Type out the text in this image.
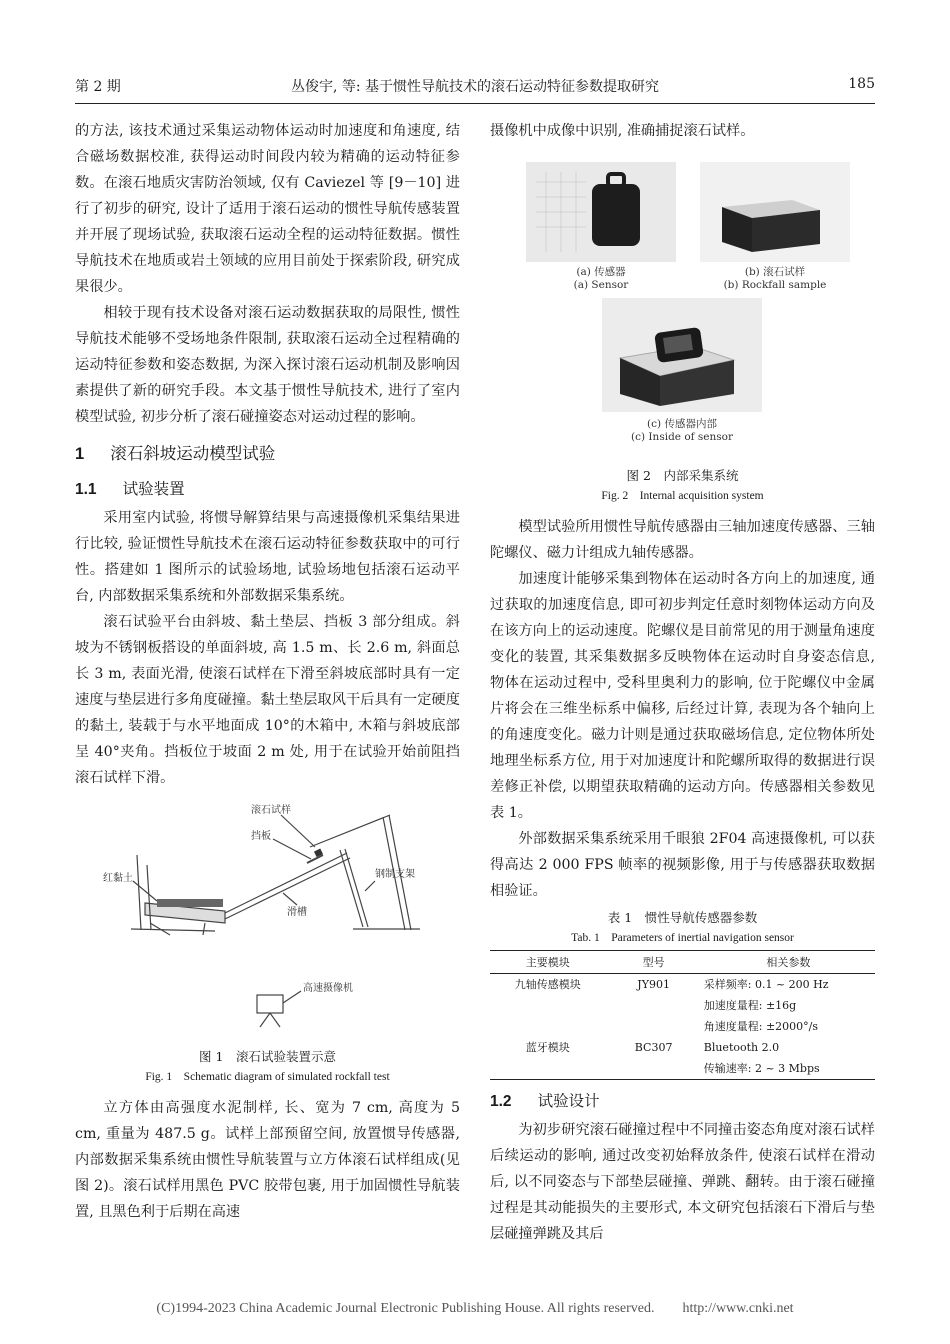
第 2 期	丛俊宇, 等: 基于惯性导航技术的滚石运动特征参数提取研究	185

的方法, 该技术通过采集运动物体运动时加速度和角速度, 结合磁场数据校准, 获得运动时间段内较为精确的运动特征参数。在滚石地质灾害防治领域, 仅有 Caviezel 等 [9－10] 进行了初步的研究, 设计了适用于滚石运动的惯性导航传感装置并开展了现场试验, 获取滚石运动全程的运动特征数据。惯性导航技术在地质或岩土领域的应用目前处于探索阶段, 研究成果很少。

相较于现有技术设备对滚石运动数据获取的局限性, 惯性导航技术能够不受场地条件限制, 获取滚石运动全过程精确的运动特征参数和姿态数据, 为深入探讨滚石运动机制及影响因素提供了新的研究手段。本文基于惯性导航技术, 进行了室内模型试验, 初步分析了滚石碰撞姿态对运动过程的影响。

1 滚石斜坡运动模型试验
1.1 试验装置

采用室内试验, 将惯导解算结果与高速摄像机采集结果进行比较, 验证惯性导航技术在滚石运动特征参数获取中的可行性。搭建如 1 图所示的试验场地, 试验场地包括滚石运动平台, 内部数据采集系统和外部数据采集系统。

滚石试验平台由斜坡、黏土垫层、挡板 3 部分组成。斜坡为不锈钢板搭设的单面斜坡, 高 1.5 m、长 2.6 m, 斜面总长 3 m, 表面光滑, 使滚石试样在下滑至斜坡底部时具有一定速度与垫层进行多角度碰撞。黏土垫层取风干后具有一定硬度的黏土, 装载于与水平地面成 10°的木箱中, 木箱与斜坡底部呈 40°夹角。挡板位于坡面 2 m 处, 用于在试验开始前阻挡滚石试样下滑。

滚石试样
挡板
红黏土	钢制支架
滑槽
高速摄像机
图 1　滚石试验装置示意
Fig. 1　Schematic diagram of simulated rockfall test

立方体由高强度水泥制样, 长、宽为 7 cm, 高度为 5 cm, 重量为 487.5 g。试样上部预留空间, 放置惯导传感器, 内部数据采集系统由惯性导航装置与立方体滚石试样组成(见图 2)。滚石试样用黑色 PVC 胶带包裹, 用于加固惯性导航装置, 且黑色利于后期在高速

摄像机中成像中识别, 准确捕捉滚石试样。

(a) 传感器
(a) Sensor
(b) 滚石试样
(b) Rockfall sample
(c) 传感器内部
(c) Inside of sensor
图 2　内部采集系统
Fig. 2　Internal acquisition system

模型试验所用惯性导航传感器由三轴加速度传感器、三轴陀螺仪、磁力计组成九轴传感器。

加速度计能够采集到物体在运动时各方向上的加速度, 通过获取的加速度信息, 即可初步判定任意时刻物体运动方向及在该方向上的运动速度。陀螺仪是目前常见的用于测量角速度变化的装置, 其采集数据多反映物体在运动时自身姿态信息, 物体在运动过程中, 受科里奥利力的影响, 位于陀螺仪中金属片将会在三维坐标系中偏移, 后经过计算, 表现为各个轴向上的角速度变化。磁力计则是通过获取磁场信息, 定位物体所处地理坐标系方位, 用于对加速度计和陀螺所取得的数据进行误差修正补偿, 以期望获取精确的运动方向。传感器相关参数见表 1。

外部数据采集系统采用千眼狼 2F04 高速摄像机, 可以获得高达 2 000 FPS 帧率的视频影像, 用于与传感器获取数据相验证。

表 1　惯性导航传感器参数
Tab. 1　Parameters of inertial navigation sensor
主要模块	型号	相关参数
九轴传感模块	JY901	采样频率: 0.1 ~ 200 Hz
		加速度量程: ±16g
		角速度量程: ±2000°/s
蓝牙模块	BC307	Bluetooth 2.0
		传输速率: 2 ~ 3 Mbps
1.2 试验设计

为初步研究滚石碰撞过程中不同撞击姿态角度对滚石试样后续运动的影响, 通过改变初始释放条件, 使滚石试样在滑动后, 以不同姿态与下部垫层碰撞、弹跳、翻转。由于滚石碰撞过程是其动能损失的主要形式, 本文研究包括滚石下滑后与垫层碰撞弹跳及其后

(C)1994-2023 China Academic Journal Electronic Publishing House. All rights reserved.　　http://www.cnki.net
